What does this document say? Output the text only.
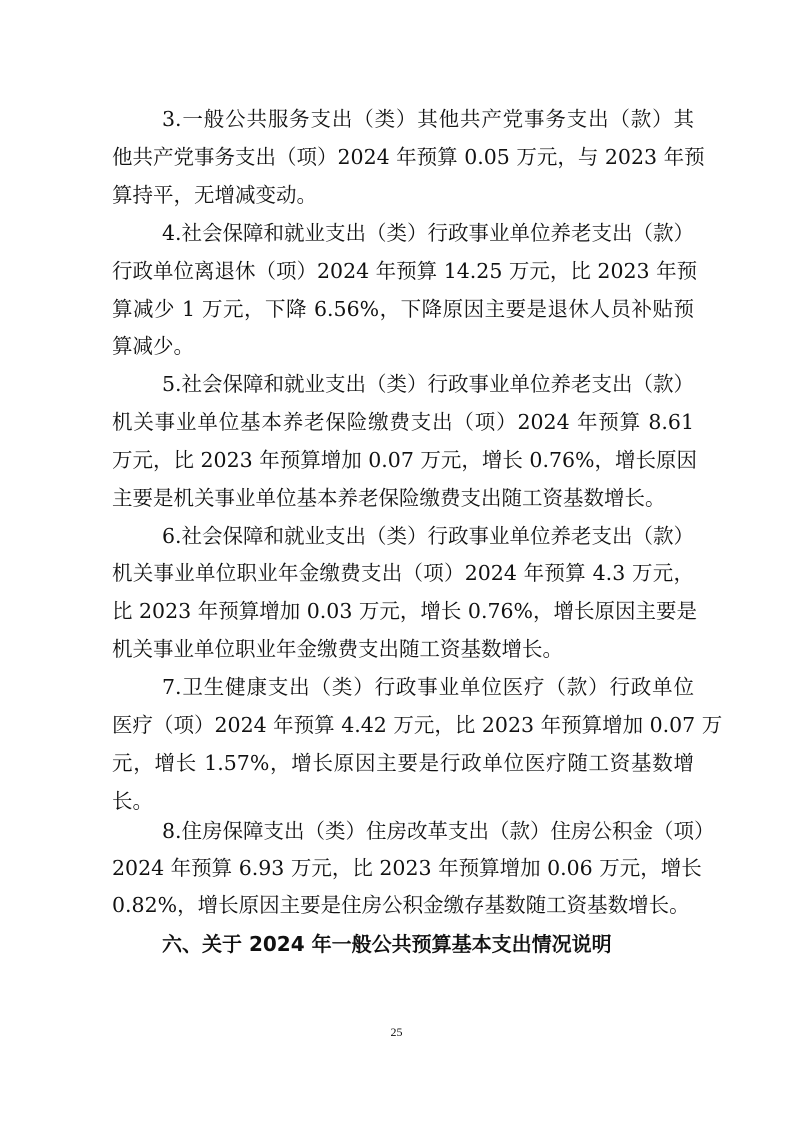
3.一般公共服务支出（类）其他共产党事务支出（款）其
他共产党事务支出（项）2024 年预算 0.05 万元，与 2023 年预
算持平，无增减变动。
4.社会保障和就业支出（类）行政事业单位养老支出（款）
行政单位离退休（项）2024 年预算 14.25 万元，比 2023 年预
算减少 1 万元，下降 6.56%，下降原因主要是退休人员补贴预
算减少。
5.社会保障和就业支出（类）行政事业单位养老支出（款）
机关事业单位基本养老保险缴费支出（项）2024 年预算 8.61
万元，比 2023 年预算增加 0.07 万元，增长 0.76%，增长原因
主要是机关事业单位基本养老保险缴费支出随工资基数增长。
6.社会保障和就业支出（类）行政事业单位养老支出（款）
机关事业单位职业年金缴费支出（项）2024 年预算 4.3 万元，
比 2023 年预算增加 0.03 万元，增长 0.76%，增长原因主要是
机关事业单位职业年金缴费支出随工资基数增长。
7.卫生健康支出（类）行政事业单位医疗（款）行政单位
医疗（项）2024 年预算 4.42 万元，比 2023 年预算增加 0.07 万
元，增长 1.57%，增长原因主要是行政单位医疗随工资基数增
长。
8.住房保障支出（类）住房改革支出（款）住房公积金（项）
2024 年预算 6.93 万元，比 2023 年预算增加 0.06 万元，增长
0.82%，增长原因主要是住房公积金缴存基数随工资基数增长。
六、关于 2024 年一般公共预算基本支出情况说明
25
